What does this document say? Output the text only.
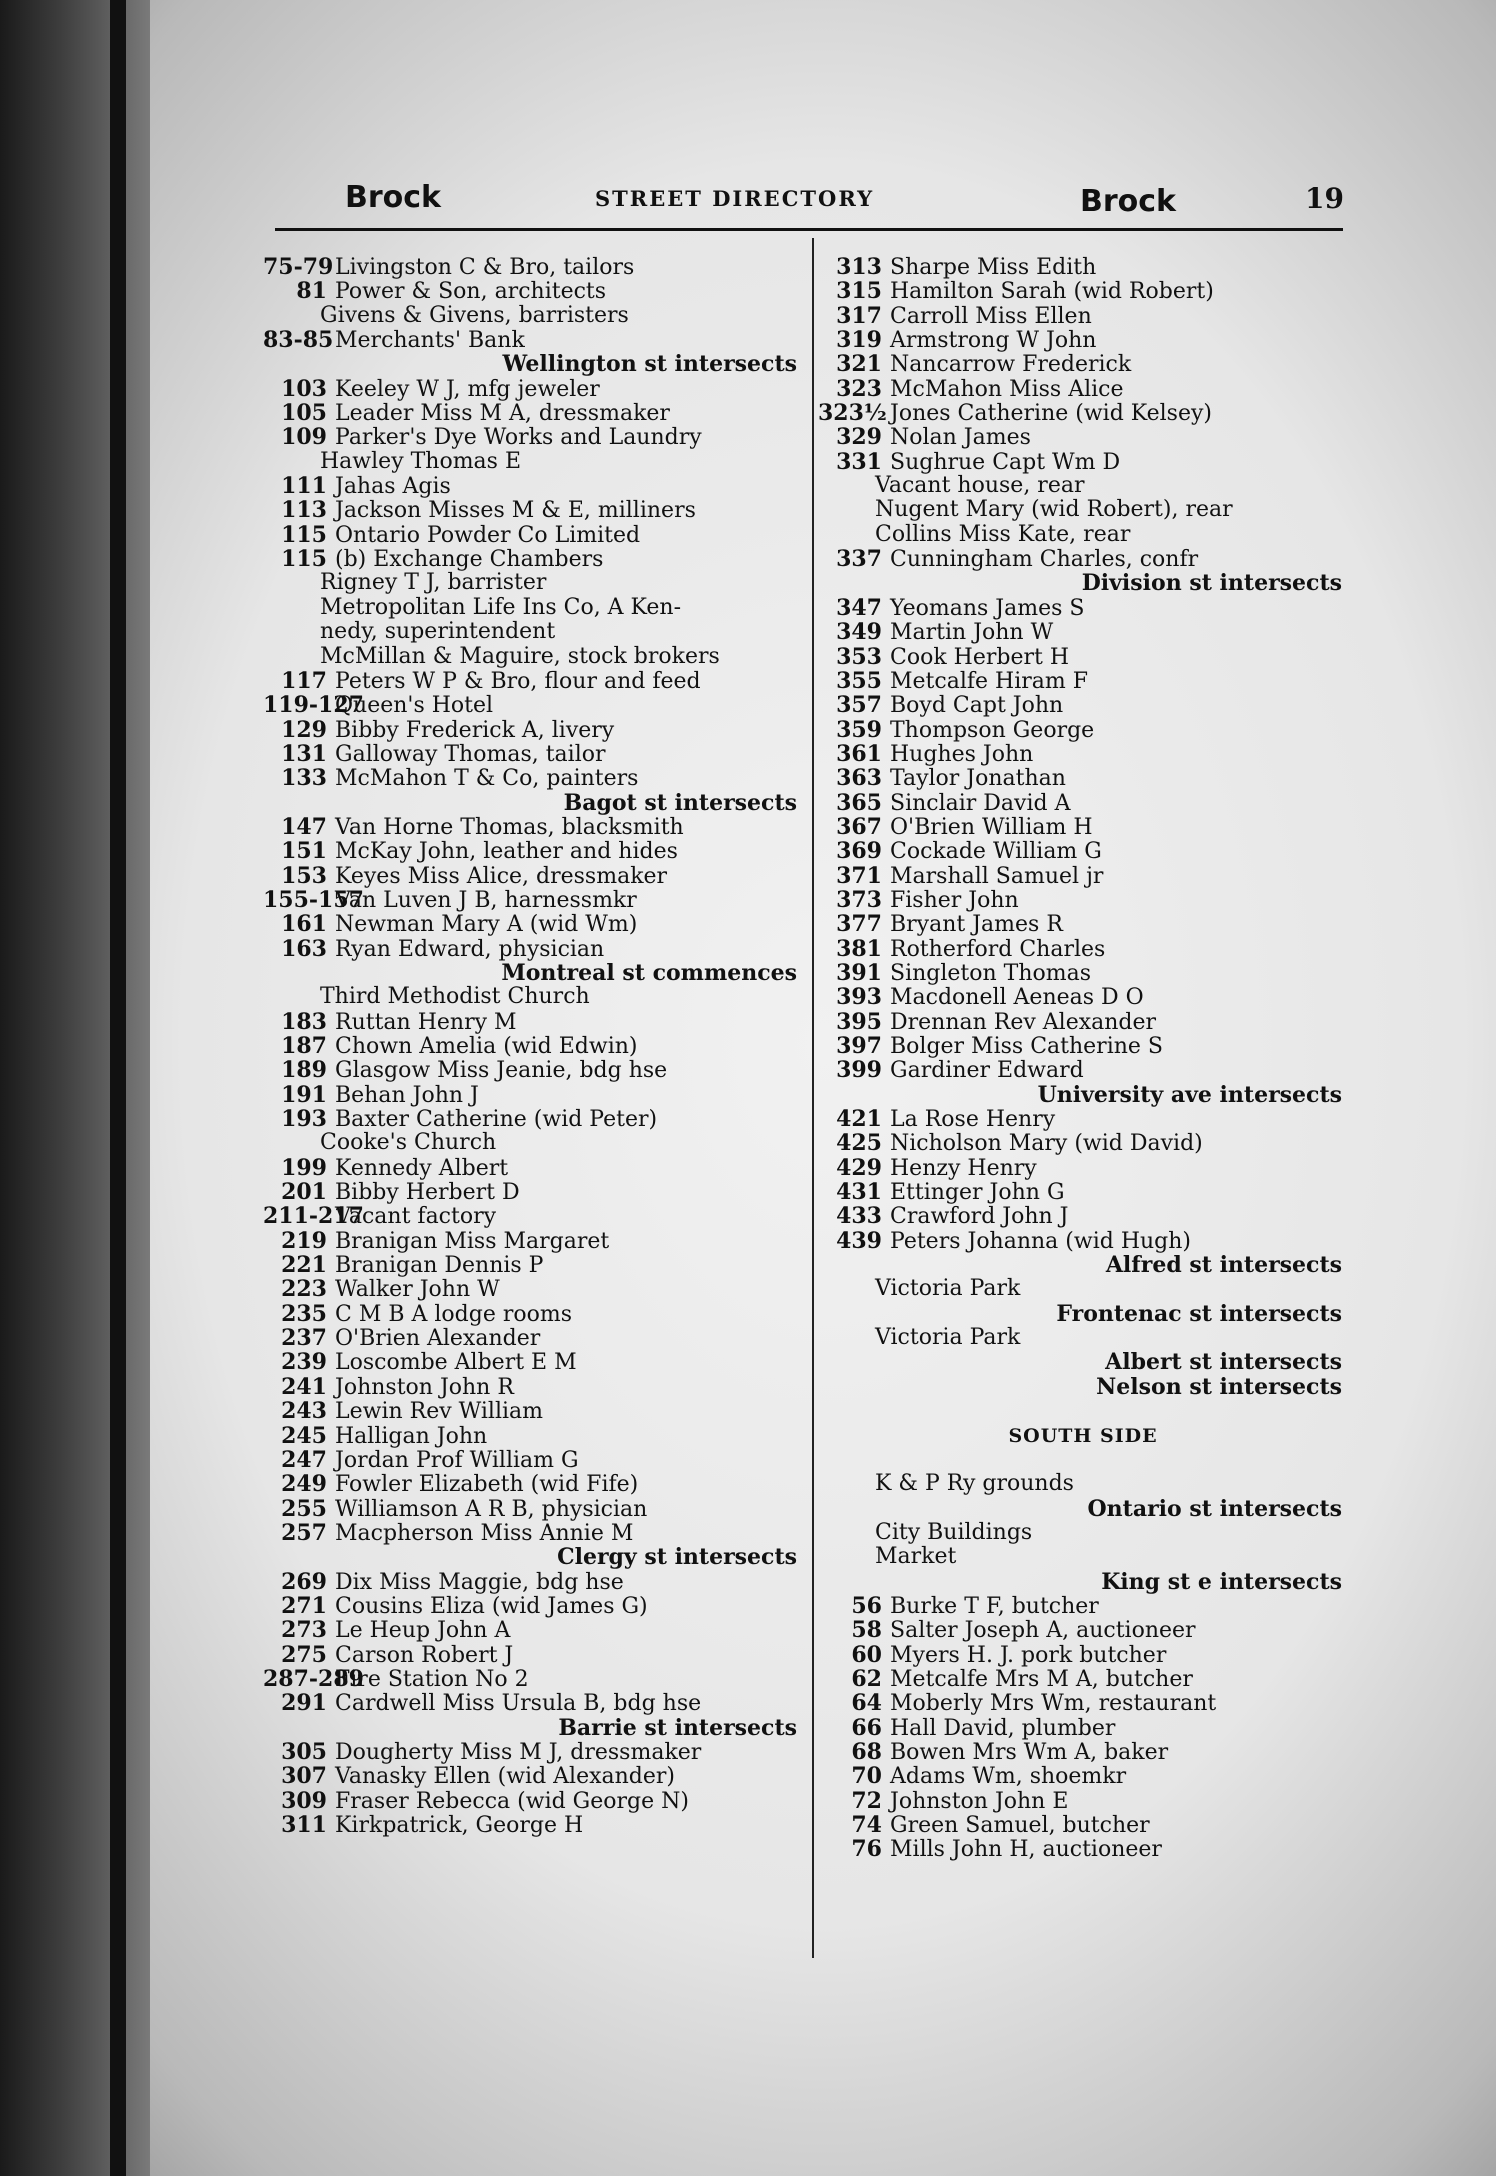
Brock	STREET DIRECTORY	Brock	19
75-79Livingston C & Bro, tailors
81 Power & Son, architects
Givens & Givens, barristers
83-85Merchants' Bank
Wellington st intersects
103 Keeley W J, mfg jeweler
105 Leader Miss M A, dressmaker
109 Parker's Dye Works and Laundry
Hawley Thomas E
111 Jahas Agis
113 Jackson Misses M & E, milliners
115 Ontario Powder Co Limited
115 (b) Exchange Chambers
Rigney T J, barrister
Metropolitan Life Ins Co, A Ken-
nedy, superintendent
McMillan & Maguire, stock brokers
117 Peters W P & Bro, flour and feed
119-127Queen's Hotel
129 Bibby Frederick A, livery
131 Galloway Thomas, tailor
133 McMahon T & Co, painters
Bagot st intersects
147 Van Horne Thomas, blacksmith
151 McKay John, leather and hides
153 Keyes Miss Alice, dressmaker
155-157Van Luven J B, harnessmkr
161 Newman Mary A (wid Wm)
163 Ryan Edward, physician
Montreal st commences
Third Methodist Church
183 Ruttan Henry M
187 Chown Amelia (wid Edwin)
189 Glasgow Miss Jeanie, bdg hse
191 Behan John J
193 Baxter Catherine (wid Peter)
Cooke's Church
199 Kennedy Albert
201 Bibby Herbert D
211-217Vacant factory
219 Branigan Miss Margaret
221 Branigan Dennis P
223 Walker John W
235 C M B A lodge rooms
237 O'Brien Alexander
239 Loscombe Albert E M
241 Johnston John R
243 Lewin Rev William
245 Halligan John
247 Jordan Prof William G
249 Fowler Elizabeth (wid Fife)
255 Williamson A R B, physician
257 Macpherson Miss Annie M
Clergy st intersects
269 Dix Miss Maggie, bdg hse
271 Cousins Eliza (wid James G)
273 Le Heup John A
275 Carson Robert J
287-289Fire Station No 2
291 Cardwell Miss Ursula B, bdg hse
Barrie st intersects
305 Dougherty Miss M J, dressmaker
307 Vanasky Ellen (wid Alexander)
309 Fraser Rebecca (wid George N)
311 Kirkpatrick, George H
313 Sharpe Miss Edith
315 Hamilton Sarah (wid Robert)
317 Carroll Miss Ellen
319 Armstrong W John
321 Nancarrow Frederick
323 McMahon Miss Alice
323½ Jones Catherine (wid Kelsey)
329 Nolan James
331 Sughrue Capt Wm D
Vacant house, rear
Nugent Mary (wid Robert), rear
Collins Miss Kate, rear
337 Cunningham Charles, confr
Division st intersects
347 Yeomans James S
349 Martin John W
353 Cook Herbert H
355 Metcalfe Hiram F
357 Boyd Capt John
359 Thompson George
361 Hughes John
363 Taylor Jonathan
365 Sinclair David A
367 O'Brien William H
369 Cockade William G
371 Marshall Samuel jr
373 Fisher John
377 Bryant James R
381 Rotherford Charles
391 Singleton Thomas
393 Macdonell Aeneas D O
395 Drennan Rev Alexander
397 Bolger Miss Catherine S
399 Gardiner Edward
University ave intersects
421 La Rose Henry
425 Nicholson Mary (wid David)
429 Henzy Henry
431 Ettinger John G
433 Crawford John J
439 Peters Johanna (wid Hugh)
Alfred st intersects
Victoria Park
Frontenac st intersects
Victoria Park
Albert st intersects
Nelson st intersects
SOUTH SIDE
K & P Ry grounds
Ontario st intersects
City Buildings
Market
King st e intersects
56 Burke T F, butcher
58 Salter Joseph A, auctioneer
60 Myers H. J. pork butcher
62 Metcalfe Mrs M A, butcher
64 Moberly Mrs Wm, restaurant
66 Hall David, plumber
68 Bowen Mrs Wm A, baker
70 Adams Wm, shoemkr
72 Johnston John E
74 Green Samuel, butcher
76 Mills John H, auctioneer
